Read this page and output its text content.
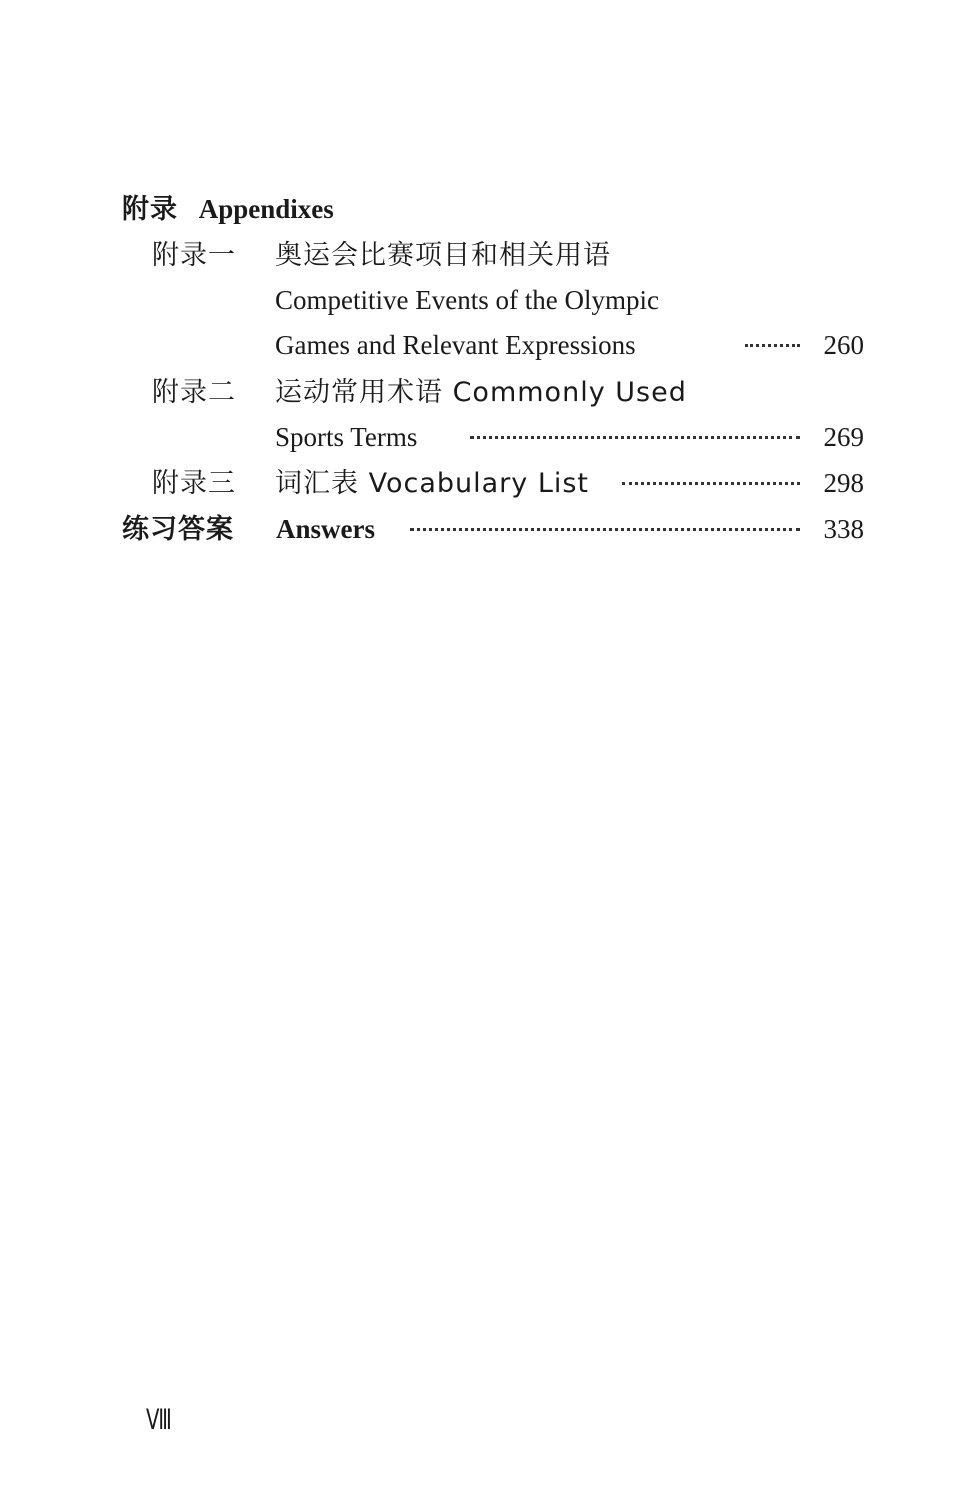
附录 Appendixes
附录一 奥运会比赛项目和相关用语
Competitive Events of the Olympic
Games and Relevant Expressions	260
附录二 运动常用术语 Commonly Used
Sports Terms	269
附录三 词汇表 Vocabulary List	298
练习答案 Answers	338
Ⅷ
